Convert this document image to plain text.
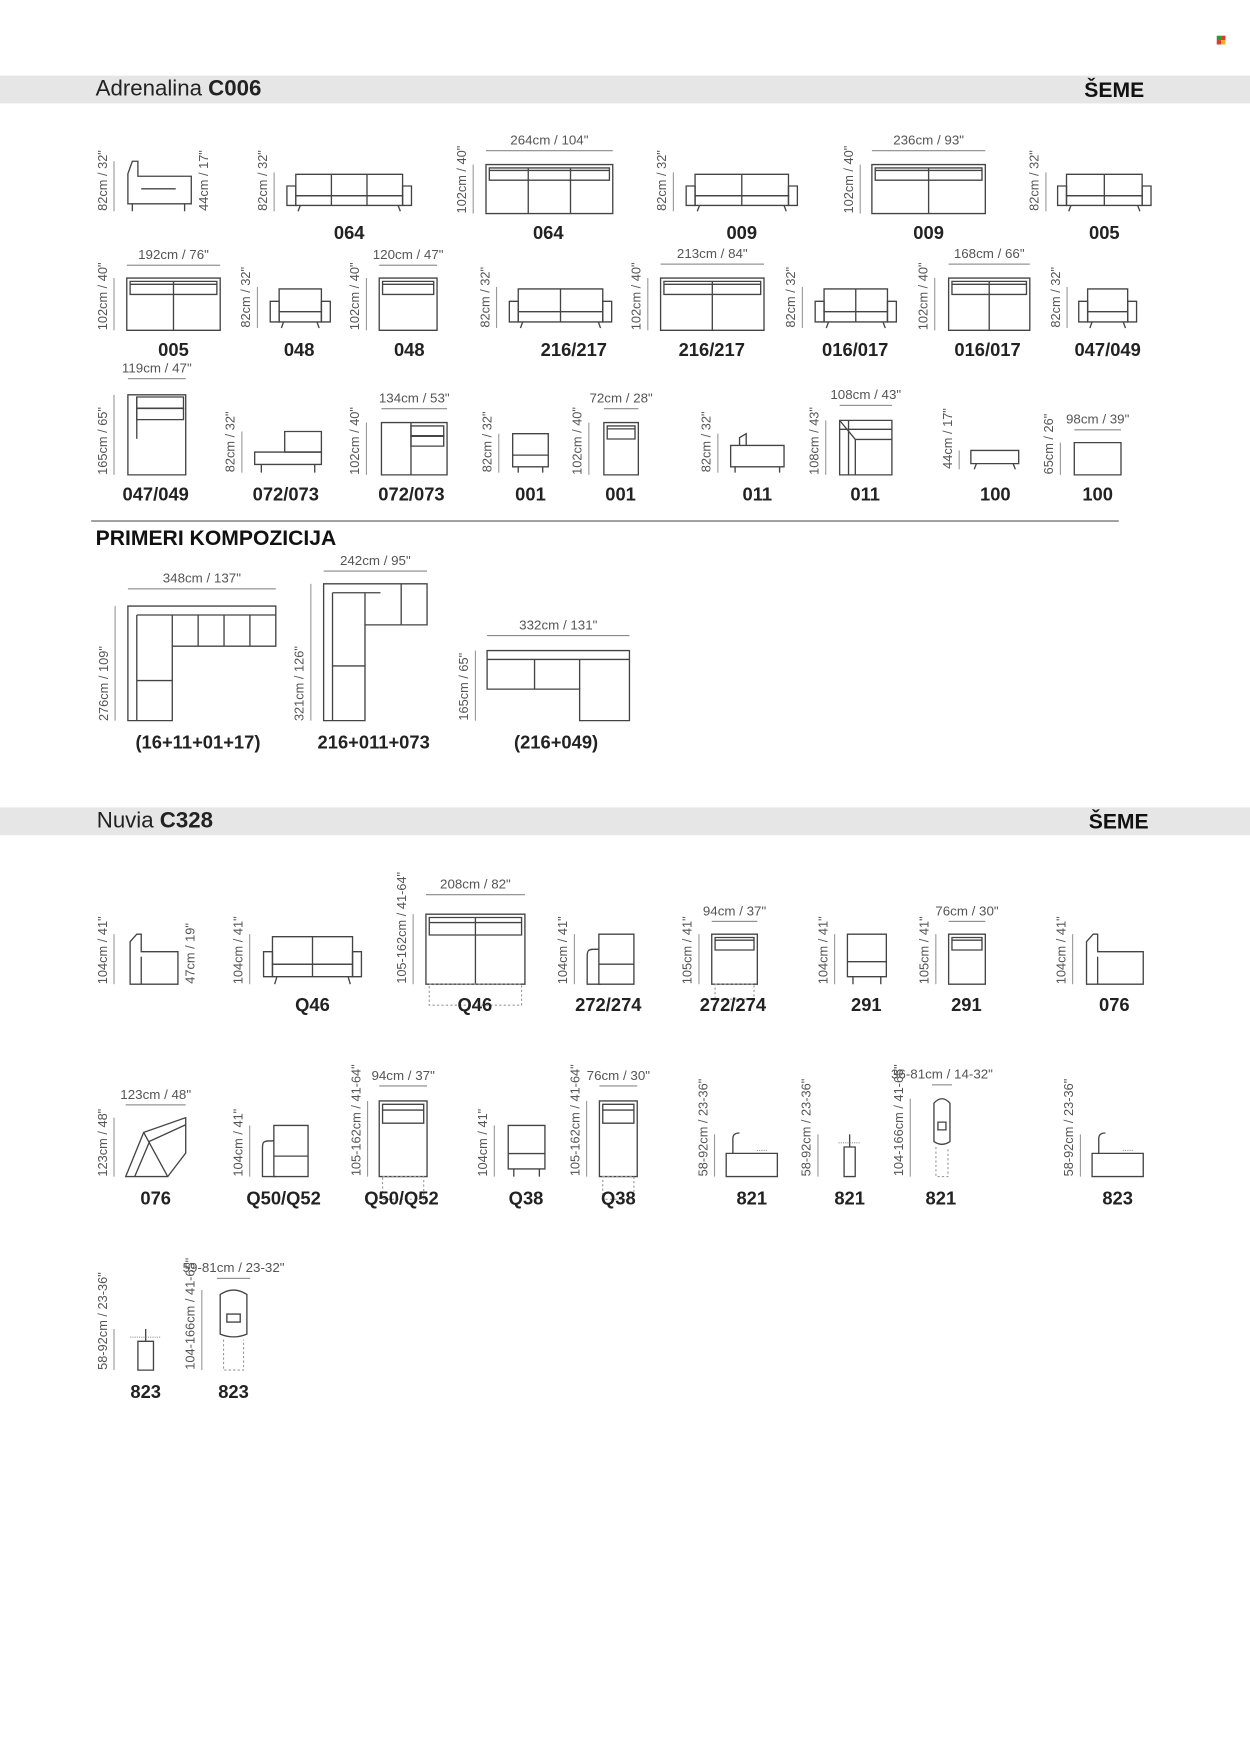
Adrenalina C006	ŠEME
PRIMERI KOMPOZICIJA
Nuvia C328	ŠEME
82cm / 32"	44cm / 17"	82cm / 32"
064
102cm / 40"
264cm / 104"
064
82cm / 32"
009
102cm / 40"
236cm / 93"
009
82cm / 32"
005
102cm / 40"
192cm / 76"
005
82cm / 32"
048
102cm / 40"
120cm / 47"
048
82cm / 32"
216/217
102cm / 40"
213cm / 84"
216/217
82cm / 32"
016/017
102cm / 40"
168cm / 66"
016/017
82cm / 32"
047/049
165cm / 65"
119cm / 47"
047/049
82cm / 32"
072/073
102cm / 40"
134cm / 53"
072/073
82cm / 32"
001
102cm / 40"
72cm / 28"
001
82cm / 32"
011
108cm / 43"
108cm / 43"
011
44cm / 17"
100
65cm / 26" 98cm / 39"
100
276cm / 109"
348cm / 137"
(16+11+01+17)
321cm / 126"
242cm / 95"
216+011+073
165cm / 65"
332cm / 131"
(216+049)
104cm / 41"	47cm / 19"	104cm / 41"
Q46
105-162cm / 41-64"	208cm / 82"
Q46
104cm / 41"
272/274
105cm / 41"
94cm / 37"
272/274
104cm / 41"
291
105cm / 41"
76cm / 30"
291
104cm / 41"
076
123cm / 48"
123cm / 48"
076
104cm / 41"
Q50/Q52
105-162cm / 41-64" 94cm / 37"
Q50/Q52
104cm / 41"
Q38
105-162cm / 41-64" 76cm / 30"
Q38
58-92cm / 23-36"
821
58-92cm / 23-36"
821
104-166cm / 41-65"
36-81cm / 14-32"
821
58-92cm / 23-36"
823
58-92cm / 23-36"
823
104-166cm / 41-65"
59-81cm / 23-32"
823
